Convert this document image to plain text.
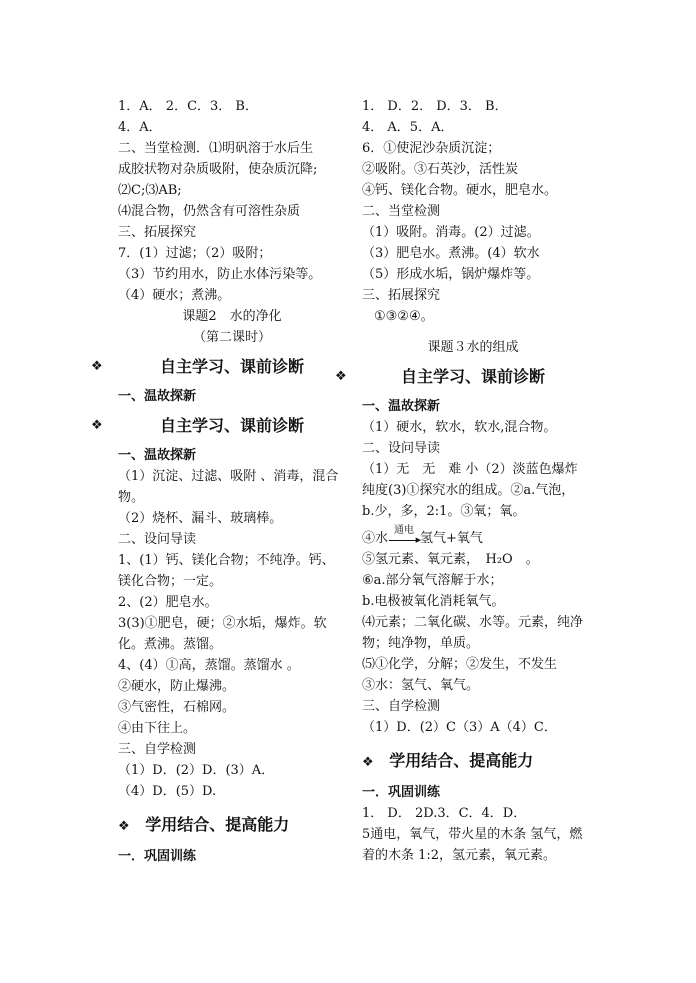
1．A． 2．C．3． B．
4．A．
二、当堂检测．⑴明矾溶于水后生
成胶状物对杂质吸附，使杂质沉降;
⑵C;⑶AB;
⑷混合物，仍然含有可溶性杂质
三、拓展探究
7．(1）过滤；（2）吸附；
（3）节约用水，防止水体污染等。
（4）硬水；煮沸。
课题2　水的净化
（第二课时）
❖	自主学习、课前诊断
一、温故探新
❖	自主学习、课前诊断
一、温故探新
（1）沉淀、过滤、吸附 、消毒，混合物。
（2）烧杯、漏斗、玻璃棒。
二、设问导读
1、(1）钙、镁化合物；不纯净。钙、镁化合物；一定。
2、(2）肥皂水。
3(3)①肥皂，硬；②水垢，爆炸。软化。煮沸。蒸馏。
4、(4）①高，蒸馏。蒸馏水 。
②硬水，防止爆沸。
③气密性，石棉网。
④由下往上。
三、自学检测
（1）D．(2）D．(3）A．
（4）D．(5）D.
❖ 学用结合、提高能力
一．巩固训练
1． D．2． D．3． B．
4． A．5．A．
6．①使泥沙杂质沉淀；
②吸附。③石英沙，活性炭
④钙、镁化合物。硬水，肥皂水。
二、当堂检测
（1）吸附。消毒。(2）过滤。
（3）肥皂水。煮沸。(4）软水
（5）形成水垢，锅炉爆炸等。
三、拓展探究
①③②④。
课题３水的组成
❖	自主学习、课前诊断
一、温故探新
（1）硬水，软水，软水,混合物。
二、设问导读
（1）无　无　难 小（2）淡蓝色爆炸　纯度(3)①探究水的组成。②a.气泡，b.少，多，2:1。③氧；氧。
④水
通电
▶ 氢气+氧气
⑤氢元素、氧元素，　H₂O　。
⑥a.部分氧气溶解于水；
b.电极被氧化消耗氧气。
⑷元素；二氧化碳、水等。元素，纯净物；纯净物，单质。
⑸①化学，分解；②发生，不发生
③水：氢气、氧气。
三、自学检测
（1）D．(2）C（3）A（4）C．
❖ 学用结合、提高能力
一．巩固训练
1． D． 2D.3．C．4．D．
5通电，氧气，带火星的木条 氢气，燃着的木条 1:2，氢元素，氧元素。
